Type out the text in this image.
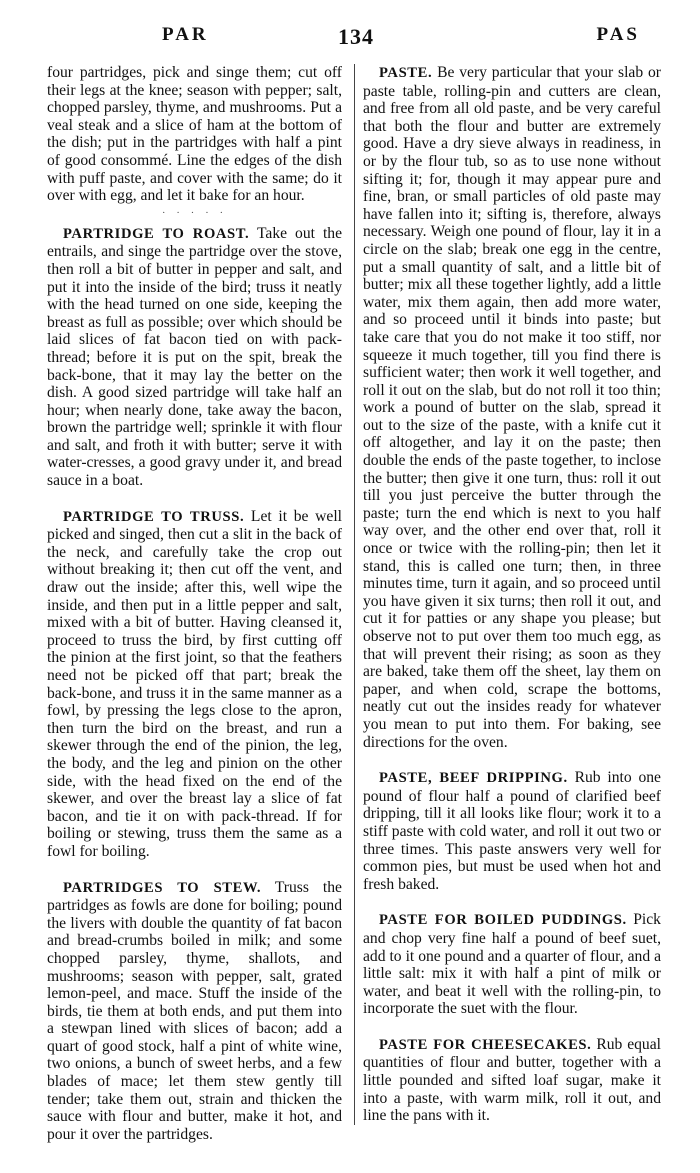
PAR	134	PAS

four partridges, pick and singe them; cut off their legs at the knee; season with pepper; salt, chopped parsley, thyme, and mushrooms. Put a veal steak and a slice of ham at the bottom of the dish; put in the partridges with half a pint of good consommé. Line the edges of the dish with puff paste, and cover with the same; do it over with egg, and let it bake for an hour.

· · · · ·

PARTRIDGE TO ROAST. Take out the entrails, and singe the partridge over the stove, then roll a bit of butter in pepper and salt, and put it into the inside of the bird; truss it neatly with the head turned on one side, keeping the breast as full as possible; over which should be laid slices of fat bacon tied on with pack-thread; before it is put on the spit, break the back-bone, that it may lay the better on the dish. A good sized partridge will take half an hour; when nearly done, take away the bacon, brown the partridge well; sprinkle it with flour and salt, and froth it with butter; serve it with water-cresses, a good gravy under it, and bread sauce in a boat.

PARTRIDGE TO TRUSS. Let it be well picked and singed, then cut a slit in the back of the neck, and carefully take the crop out without breaking it; then cut off the vent, and draw out the inside; after this, well wipe the inside, and then put in a little pepper and salt, mixed with a bit of butter. Having cleansed it, proceed to truss the bird, by first cutting off the pinion at the first joint, so that the feathers need not be picked off that part; break the back-bone, and truss it in the same manner as a fowl, by pressing the legs close to the apron, then turn the bird on the breast, and run a skewer through the end of the pinion, the leg, the body, and the leg and pinion on the other side, with the head fixed on the end of the skewer, and over the breast lay a slice of fat bacon, and tie it on with pack-thread. If for boiling or stewing, truss them the same as a fowl for boiling.

PARTRIDGES TO STEW. Truss the partridges as fowls are done for boiling; pound the livers with double the quantity of fat bacon and bread-crumbs boiled in milk; and some chopped parsley, thyme, shallots, and mushrooms; season with pepper, salt, grated lemon-peel, and mace. Stuff the inside of the birds, tie them at both ends, and put them into a stewpan lined with slices of bacon; add a quart of good stock, half a pint of white wine, two onions, a bunch of sweet herbs, and a few blades of mace; let them stew gently till tender; take them out, strain and thicken the sauce with flour and butter, make it hot, and pour it over the partridges.

PASTE. Be very particular that your slab or paste table, rolling-pin and cutters are clean, and free from all old paste, and be very careful that both the flour and butter are extremely good. Have a dry sieve always in readiness, in or by the flour tub, so as to use none without sifting it; for, though it may appear pure and fine, bran, or small particles of old paste may have fallen into it; sifting is, therefore, always necessary. Weigh one pound of flour, lay it in a circle on the slab; break one egg in the centre, put a small quantity of salt, and a little bit of butter; mix all these together lightly, add a little water, mix them again, then add more water, and so proceed until it binds into paste; but take care that you do not make it too stiff, nor squeeze it much together, till you find there is sufficient water; then work it well together, and roll it out on the slab, but do not roll it too thin; work a pound of butter on the slab, spread it out to the size of the paste, with a knife cut it off altogether, and lay it on the paste; then double the ends of the paste together, to inclose the butter; then give it one turn, thus: roll it out till you just perceive the butter through the paste; turn the end which is next to you half way over, and the other end over that, roll it once or twice with the rolling-pin; then let it stand, this is called one turn; then, in three minutes time, turn it again, and so proceed until you have given it six turns; then roll it out, and cut it for patties or any shape you please; but observe not to put over them too much egg, as that will prevent their rising; as soon as they are baked, take them off the sheet, lay them on paper, and when cold, scrape the bottoms, neatly cut out the insides ready for whatever you mean to put into them. For baking, see directions for the oven.

PASTE, BEEF DRIPPING. Rub into one pound of flour half a pound of clarified beef dripping, till it all looks like flour; work it to a stiff paste with cold water, and roll it out two or three times. This paste answers very well for common pies, but must be used when hot and fresh baked.

PASTE FOR BOILED PUDDINGS. Pick and chop very fine half a pound of beef suet, add to it one pound and a quarter of flour, and a little salt: mix it with half a pint of milk or water, and beat it well with the rolling-pin, to incorporate the suet with the flour.

PASTE FOR CHEESECAKES. Rub equal quantities of flour and butter, together with a little pounded and sifted loaf sugar, make it into a paste, with warm milk, roll it out, and line the pans with it.
